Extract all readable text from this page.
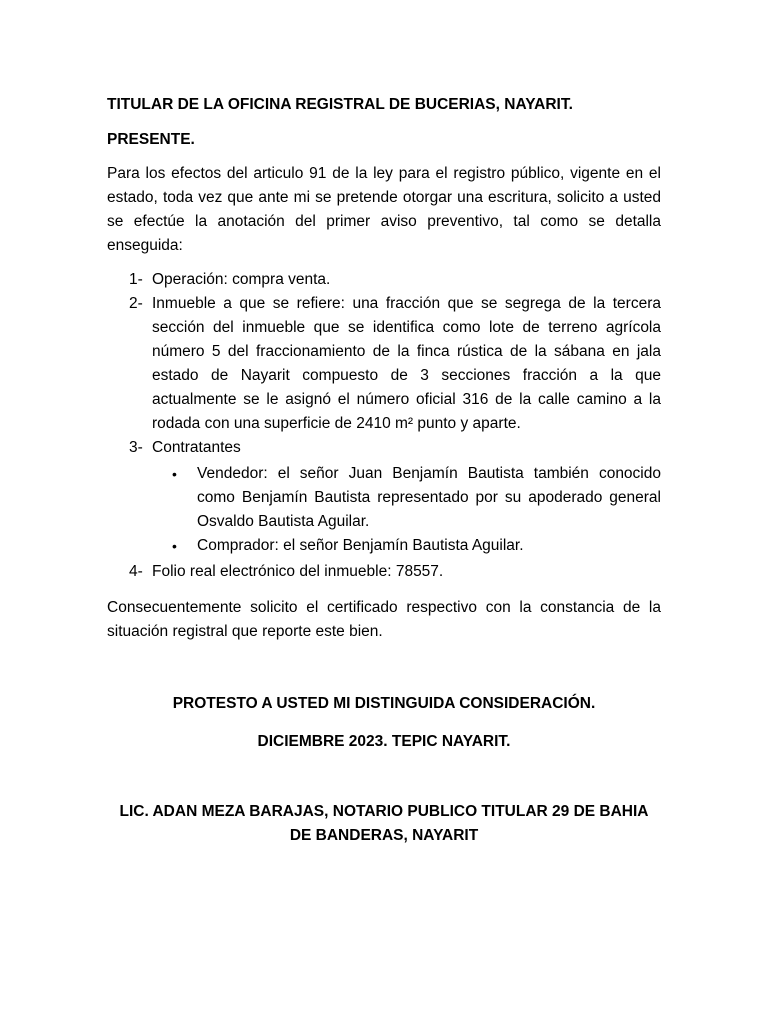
TITULAR DE LA OFICINA REGISTRAL DE BUCERIAS, NAYARIT.

PRESENTE.

Para los efectos del articulo 91 de la ley para el registro público, vigente en el estado, toda vez que ante mi se pretende otorgar una escritura, solicito a usted se efectúe la anotación del primer aviso preventivo, tal como se detalla enseguida:

1- Operación: compra venta.
2- Inmueble a que se refiere: una fracción que se segrega de la tercera sección del inmueble que se identifica como lote de terreno agrícola número 5 del fraccionamiento de la finca rústica de la sábana en jala estado de Nayarit compuesto de 3 secciones fracción a la que actualmente se le asignó el número oficial 316 de la calle camino a la rodada con una superficie de 2410 m² punto y aparte.
3- Contratantes
• Vendedor: el señor Juan Benjamín Bautista también conocido como Benjamín Bautista representado por su apoderado general Osvaldo Bautista Aguilar.
• Comprador: el señor Benjamín Bautista Aguilar.
4- Folio real electrónico del inmueble: 78557.

Consecuentemente solicito el certificado respectivo con la constancia de la situación registral que reporte este bien.

PROTESTO A USTED MI DISTINGUIDA CONSIDERACIÓN.

DICIEMBRE 2023. TEPIC NAYARIT.

LIC. ADAN MEZA BARAJAS, NOTARIO PUBLICO TITULAR 29 DE BAHIA DE BANDERAS, NAYARIT
